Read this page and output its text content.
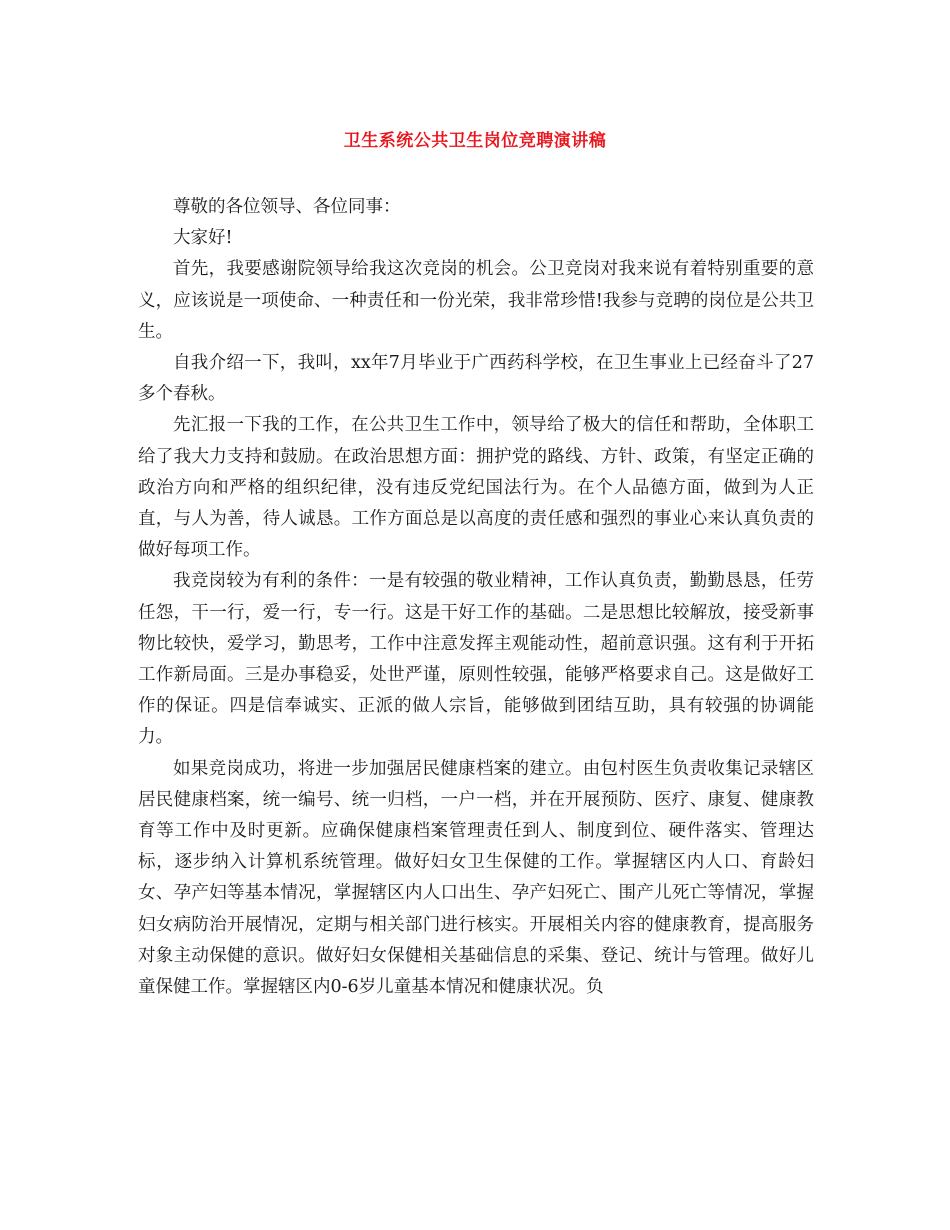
卫生系统公共卫生岗位竞聘演讲稿

尊敬的各位领导、各位同事：

大家好!

首先，我要感谢院领导给我这次竞岗的机会。公卫竞岗对我来说有着特别重要的意义，应该说是一项使命、一种责任和一份光荣，我非常珍惜!我参与竞聘的岗位是公共卫生。

自我介绍一下，我叫，xx年7月毕业于广西药科学校，在卫生事业上已经奋斗了27多个春秋。

先汇报一下我的工作，在公共卫生工作中，领导给了极大的信任和帮助，全体职工给了我大力支持和鼓励。在政治思想方面：拥护党的路线、方针、政策，有坚定正确的政治方向和严格的组织纪律，没有违反党纪国法行为。在个人品德方面，做到为人正直，与人为善，待人诚恳。工作方面总是以高度的责任感和强烈的事业心来认真负责的做好每项工作。

我竞岗较为有利的条件：一是有较强的敬业精神，工作认真负责，勤勤恳恳，任劳任怨，干一行，爱一行，专一行。这是干好工作的基础。二是思想比较解放，接受新事物比较快，爱学习，勤思考，工作中注意发挥主观能动性，超前意识强。这有利于开拓工作新局面。三是办事稳妥，处世严谨，原则性较强，能够严格要求自己。这是做好工作的保证。四是信奉诚实、正派的做人宗旨，能够做到团结互助，具有较强的协调能力。

如果竞岗成功，将进一步加强居民健康档案的建立。由包村医生负责收集记录辖区居民健康档案，统一编号、统一归档，一户一档，并在开展预防、医疗、康复、健康教育等工作中及时更新。应确保健康档案管理责任到人、制度到位、硬件落实、管理达标，逐步纳入计算机系统管理。做好妇女卫生保健的工作。掌握辖区内人口、育龄妇女、孕产妇等基本情况，掌握辖区内人口出生、孕产妇死亡、围产儿死亡等情况，掌握妇女病防治开展情况，定期与相关部门进行核实。开展相关内容的健康教育，提高服务对象主动保健的意识。做好妇女保健相关基础信息的采集、登记、统计与管理。做好儿童保健工作。掌握辖区内0-6岁儿童基本情况和健康状况。负
